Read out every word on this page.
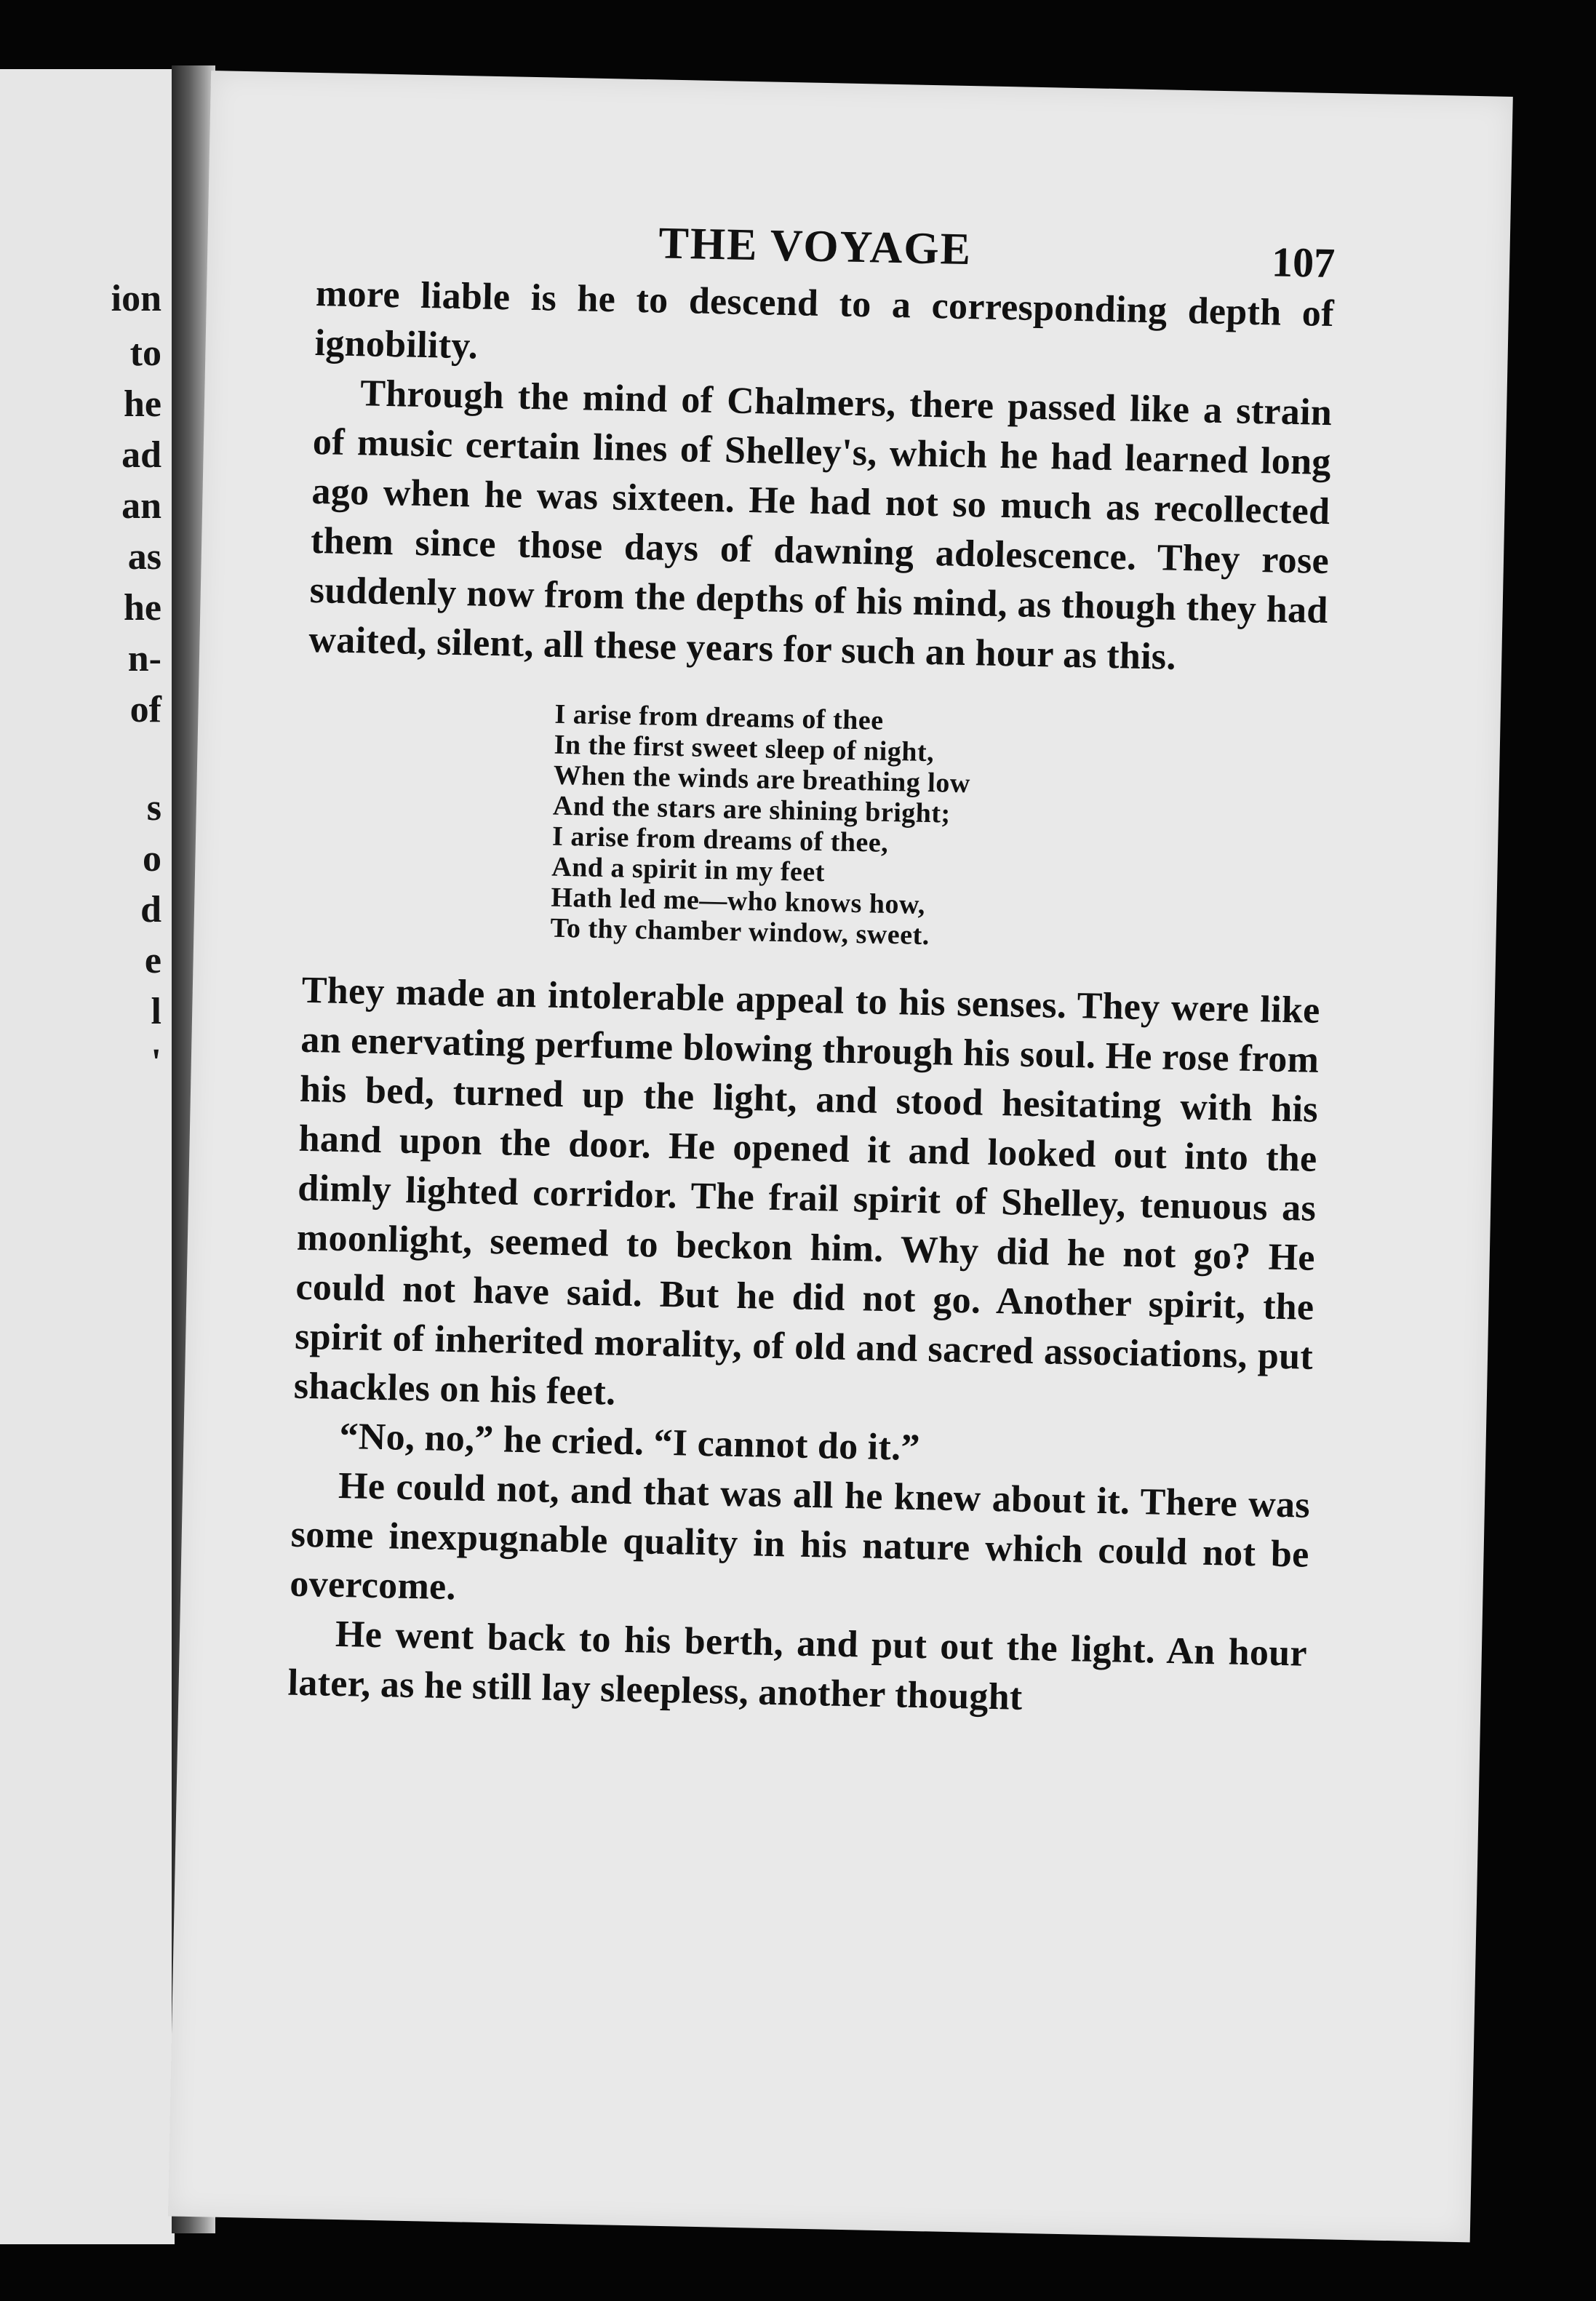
ion
to
he
ad
an
as
he
n-
of
s
o
d
e
l
'
THE VOYAGE	107

more liable is he to descend to a corresponding depth of ignobility.

Through the mind of Chalmers, there passed like a strain of music certain lines of Shelley's, which he had learned long ago when he was sixteen. He had not so much as recollected them since those days of dawning adolescence. They rose suddenly now from the depths of his mind, as though they had waited, silent, all these years for such an hour as this.

I arise from dreams of thee
In the first sweet sleep of night,
When the winds are breathing low
And the stars are shining bright;
I arise from dreams of thee,
And a spirit in my feet
Hath led me—who knows how,
To thy chamber window, sweet.

They made an intolerable appeal to his senses. They were like an enervating perfume blowing through his soul. He rose from his bed, turned up the light, and stood hesitating with his hand upon the door. He opened it and looked out into the dimly lighted corridor. The frail spirit of Shelley, tenuous as moonlight, seemed to beckon him. Why did he not go? He could not have said. But he did not go. Another spirit, the spirit of inherited morality, of old and sacred associations, put shackles on his feet.

“No, no,” he cried. “I cannot do it.”

He could not, and that was all he knew about it. There was some inexpugnable quality in his nature which could not be overcome.

He went back to his berth, and put out the light. An hour later, as he still lay sleepless, another thought
